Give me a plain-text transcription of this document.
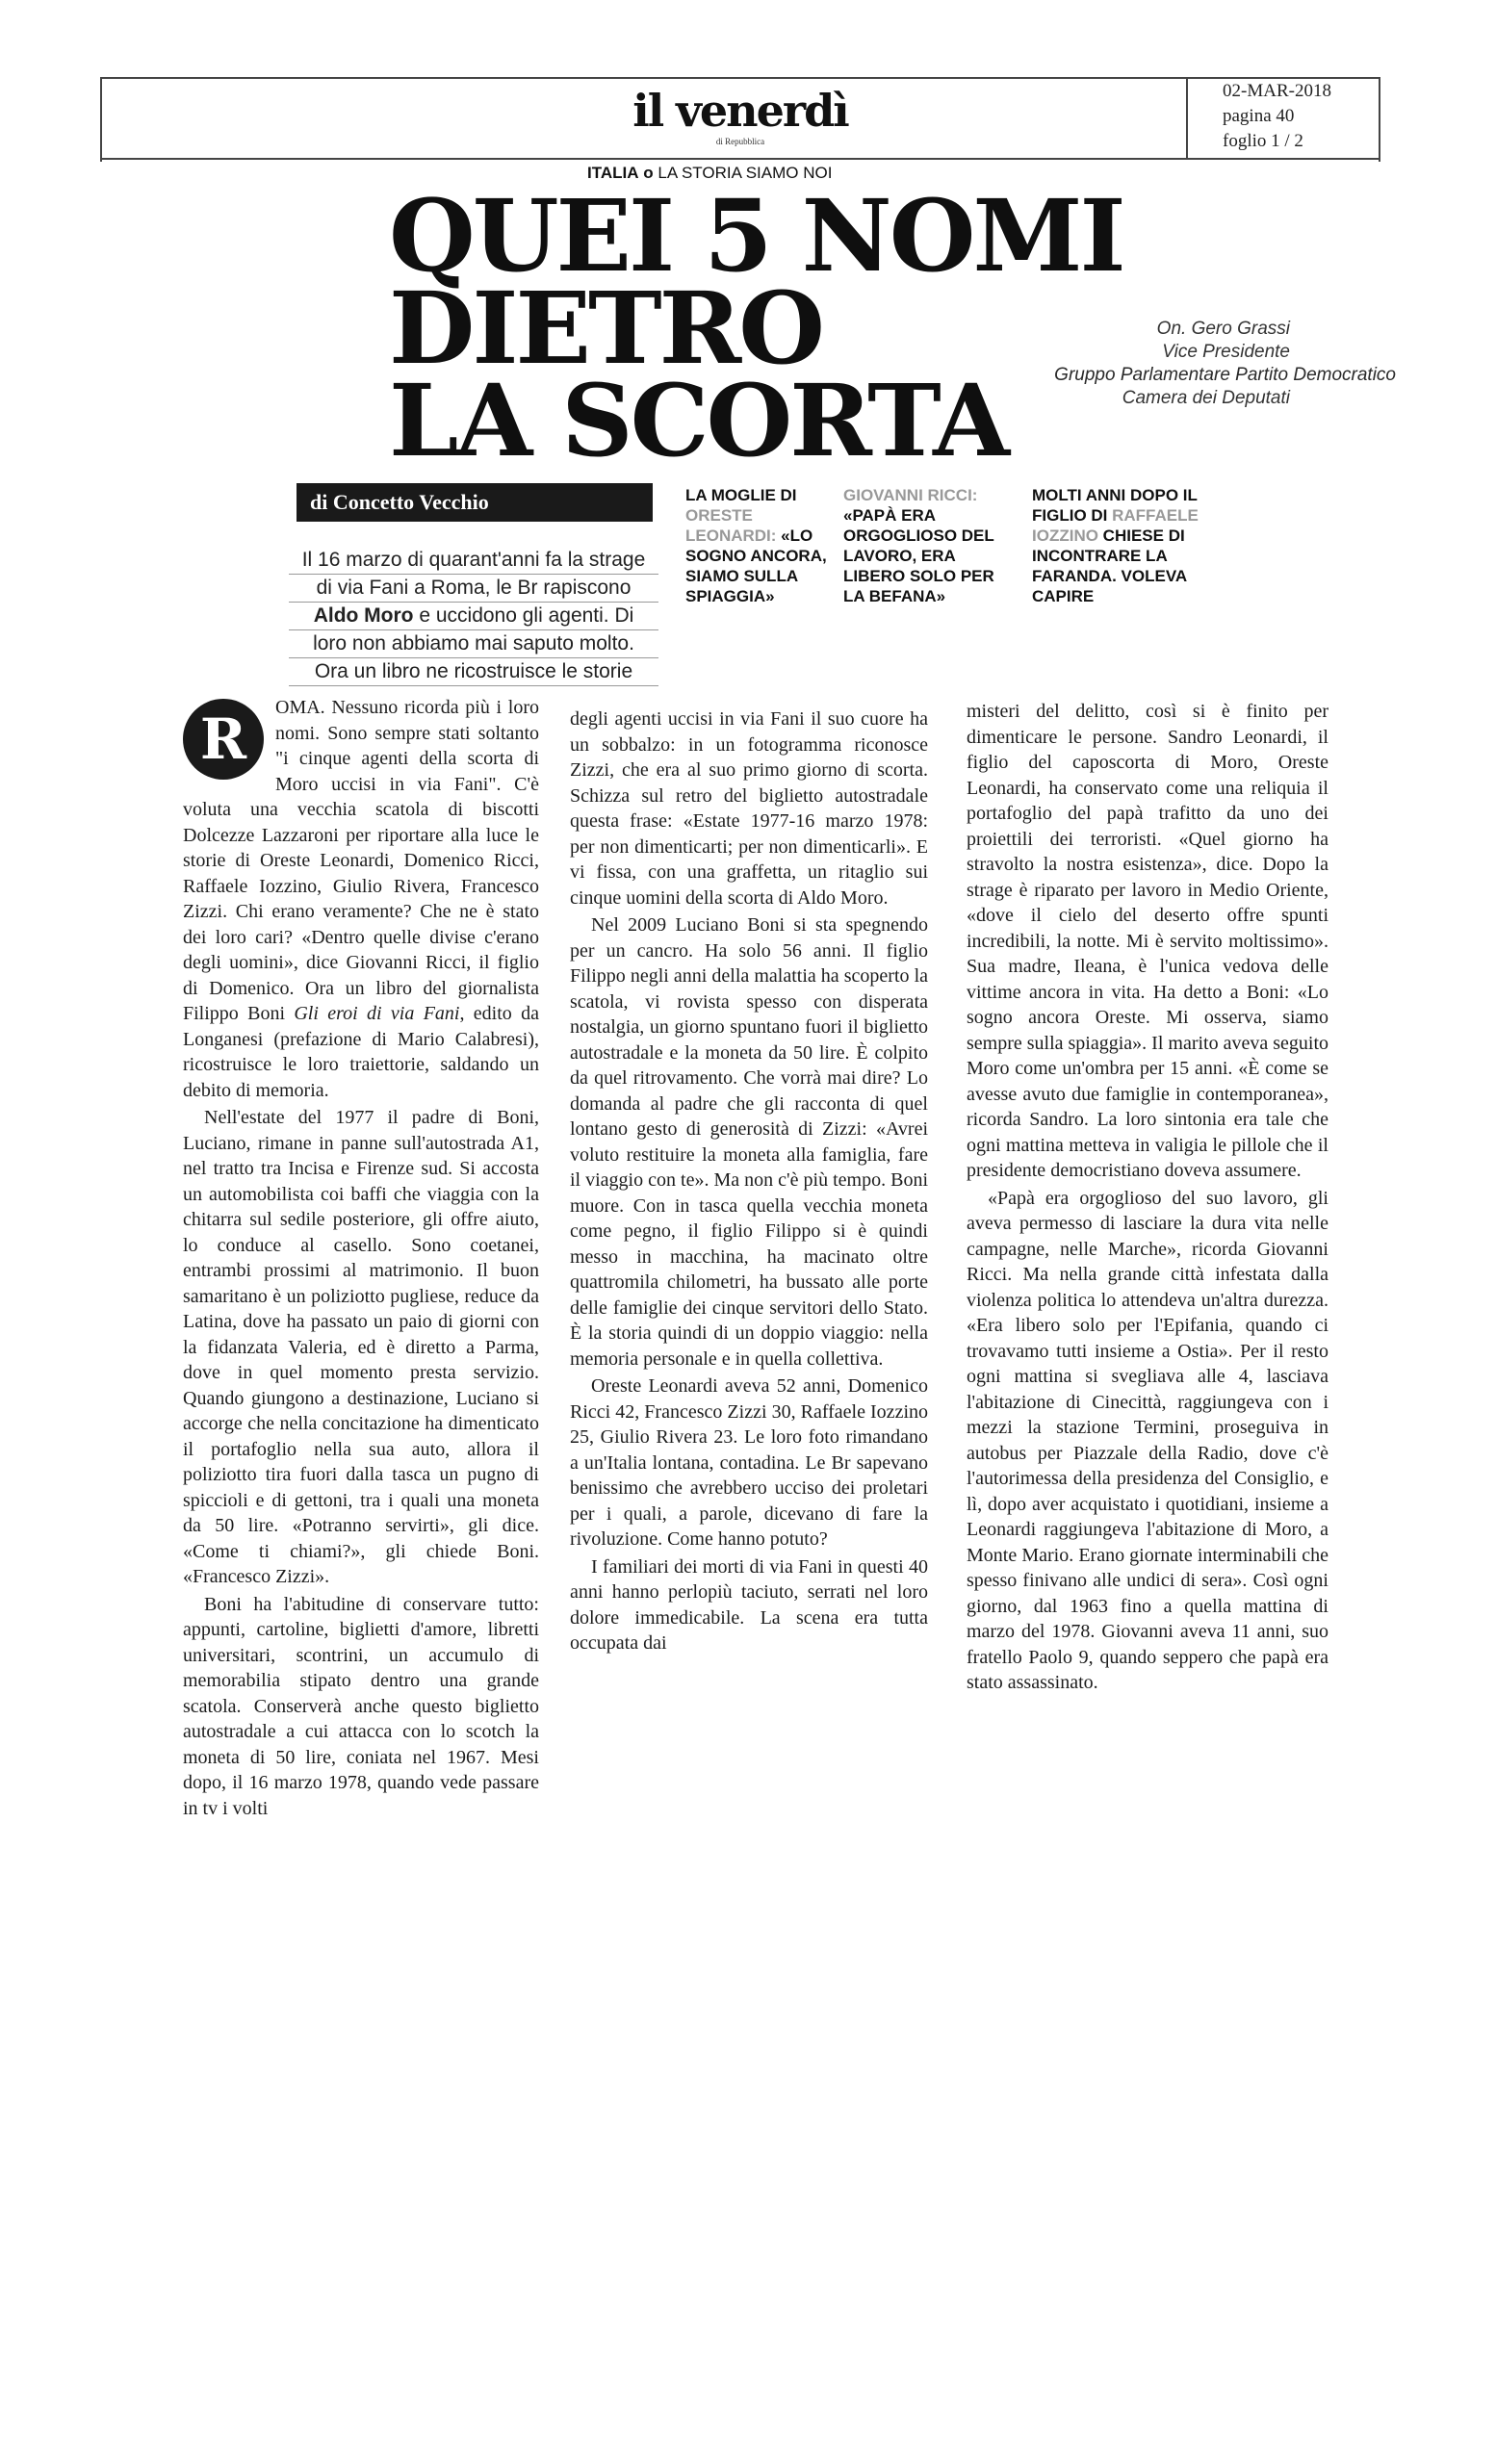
il venerdì
di Repubblica
02-MAR-2018
pagina 40
foglio 1 / 2
ITALIA o LA STORIA SIAMO NOI
QUEI 5 NOMI
DIETRO
LA SCORTA
On. Gero Grassi
Vice Presidente
Gruppo Parlamentare Partito Democratico
Camera dei Deputati
di Concetto Vecchio
Il 16 marzo di quarant'anni fa la strage
di via Fani a Roma, le Br rapiscono
Aldo Moro e uccidono gli agenti. Di
loro non abbiamo mai saputo molto.
Ora un libro ne ricostruisce le storie
LA MOGLIE DI ORESTE LEONARDI: «LO SOGNO ANCORA, SIAMO SULLA SPIAGGIA»
GIOVANNI RICCI: «PAPÀ ERA ORGOGLIOSO DEL LAVORO, ERA LIBERO SOLO PER LA BEFANA»
MOLTI ANNI DOPO IL FIGLIO DI RAFFAELE IOZZINO CHIESE DI INCONTRARE LA FARANDA. VOLEVA CAPIRE

R	OMA. Nessuno ricorda più i loro nomi. Sono sempre stati soltanto "i cinque agenti della scorta di Moro uccisi in via Fani". C'è voluta una vecchia scatola di biscotti Dolcezze Lazzaroni per riportare alla luce le storie di Oreste Leonardi, Domenico Ricci, Raffaele Iozzino, Giulio Rivera, Francesco Zizzi. Chi erano veramente? Che ne è stato dei loro cari? «Dentro quelle divise c'erano degli uomini», dice Giovanni Ricci, il figlio di Domenico. Ora un libro del giornalista Filippo Boni Gli eroi di via Fani, edito da Longanesi (prefazione di Mario Calabresi), ricostruisce le loro traiettorie, saldando un debito di memoria.

Nell'estate del 1977 il padre di Boni, Luciano, rimane in panne sull'autostrada A1, nel tratto tra Incisa e Firenze sud. Si accosta un automobilista coi baffi che viaggia con la chitarra sul sedile posteriore, gli offre aiuto, lo conduce al casello. Sono coetanei, entrambi prossimi al matrimonio. Il buon samaritano è un poliziotto pugliese, reduce da Latina, dove ha passato un paio di giorni con la fidanzata Valeria, ed è diretto a Parma, dove in quel momento presta servizio. Quando giungono a destinazione, Luciano si accorge che nella concitazione ha dimenticato il portafoglio nella sua auto, allora il poliziotto tira fuori dalla tasca un pugno di spiccioli e di gettoni, tra i quali una moneta da 50 lire. «Potranno servirti», gli dice. «Come ti chiami?», gli chiede Boni. «Francesco Zizzi».

Boni ha l'abitudine di conservare tutto: appunti, cartoline, biglietti d'amore, libretti universitari, scontrini, un accumulo di memorabilia stipato dentro una grande scatola. Conserverà anche questo biglietto autostradale a cui attacca con lo scotch la moneta di 50 lire, coniata nel 1967. Mesi dopo, il 16 marzo 1978, quando vede passare in tv i volti

degli agenti uccisi in via Fani il suo cuore ha un sobbalzo: in un fotogramma riconosce Zizzi, che era al suo primo giorno di scorta. Schizza sul retro del biglietto autostradale questa frase: «Estate 1977-16 marzo 1978: per non dimenticarti; per non dimenticarli». E vi fissa, con una graffetta, un ritaglio sui cinque uomini della scorta di Aldo Moro.

Nel 2009 Luciano Boni si sta spegnendo per un cancro. Ha solo 56 anni. Il figlio Filippo negli anni della malattia ha scoperto la scatola, vi rovista spesso con disperata nostalgia, un giorno spuntano fuori il biglietto autostradale e la moneta da 50 lire. È colpito da quel ritrovamento. Che vorrà mai dire? Lo domanda al padre che gli racconta di quel lontano gesto di generosità di Zizzi: «Avrei voluto restituire la moneta alla famiglia, fare il viaggio con te». Ma non c'è più tempo. Boni muore. Con in tasca quella vecchia moneta come pegno, il figlio Filippo si è quindi messo in macchina, ha macinato oltre quattromila chilometri, ha bussato alle porte delle famiglie dei cinque servitori dello Stato. È la storia quindi di un doppio viaggio: nella memoria personale e in quella collettiva.

Oreste Leonardi aveva 52 anni, Domenico Ricci 42, Francesco Zizzi 30, Raffaele Iozzino 25, Giulio Rivera 23. Le loro foto rimandano a un'Italia lontana, contadina. Le Br sapevano benissimo che avrebbero ucciso dei proletari per i quali, a parole, dicevano di fare la rivoluzione. Come hanno potuto?

I familiari dei morti di via Fani in questi 40 anni hanno perlopiù taciuto, serrati nel loro dolore immedicabile. La scena era tutta occupata dai

misteri del delitto, così si è finito per dimenticare le persone. Sandro Leonardi, il figlio del caposcorta di Moro, Oreste Leonardi, ha conservato come una reliquia il portafoglio del papà trafitto da uno dei proiettili dei terroristi. «Quel giorno ha stravolto la nostra esistenza», dice. Dopo la strage è riparato per lavoro in Medio Oriente, «dove il cielo del deserto offre spunti incredibili, la notte. Mi è servito moltissimo». Sua madre, Ileana, è l'unica vedova delle vittime ancora in vita. Ha detto a Boni: «Lo sogno ancora Oreste. Mi osserva, siamo sempre sulla spiaggia». Il marito aveva seguito Moro come un'ombra per 15 anni. «È come se avesse avuto due famiglie in contemporanea», ricorda Sandro. La loro sintonia era tale che ogni mattina metteva in valigia le pillole che il presidente democristiano doveva assumere.

«Papà era orgoglioso del suo lavoro, gli aveva permesso di lasciare la dura vita nelle campagne, nelle Marche», ricorda Giovanni Ricci. Ma nella grande città infestata dalla violenza politica lo attendeva un'altra durezza. «Era libero solo per l'Epifania, quando ci trovavamo tutti insieme a Ostia». Per il resto ogni mattina si svegliava alle 4, lasciava l'abitazione di Cinecittà, raggiungeva con i mezzi la stazione Termini, proseguiva in autobus per Piazzale della Radio, dove c'è l'autorimessa della presidenza del Consiglio, e lì, dopo aver acquistato i quotidiani, insieme a Leonardi raggiungeva l'abitazione di Moro, a Monte Mario. Erano giornate interminabili che spesso finivano alle undici di sera». Così ogni giorno, dal 1963 fino a quella mattina di marzo del 1978. Giovanni aveva 11 anni, suo fratello Paolo 9, quando seppero che papà era stato assassinato.
